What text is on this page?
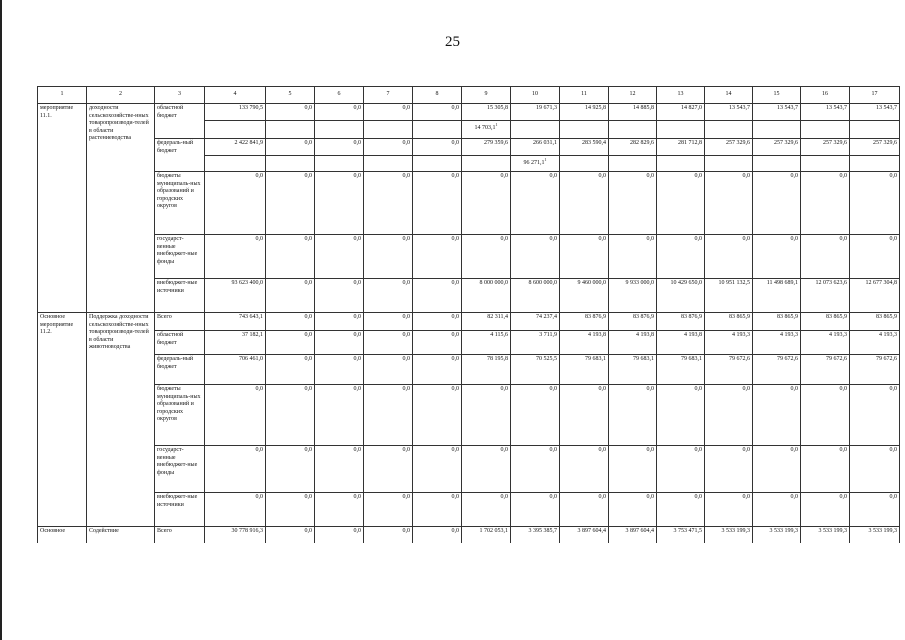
25
1	2	3	4	5	6	7	8	9	10	11	12	13	14	15	16	17
мероприятие 11.1.	доходности сельскохозяйстве-нных товаропроизводи-телей в области растениеводства	областной бюджет	133 790,5	0,0	0,0	0,0	0,0	15 305,8	19 671,3	14 925,8	14 885,8	14 827,0	13 543,7	13 543,7	13 543,7	13 543,7
								14 703,1$^1$								
		федераль-ный бюджет	2 422 841,9	0,0	0,0	0,0	0,0	279 359,6	266 031,1	283 590,4	282 829,6	281 712,8	257 329,6	257 329,6	257 329,6	257 329,6
									96 271,1$^1$							
		бюджеты муниципаль-ных образований и городских округов	0,0	0,0	0,0	0,0	0,0	0,0	0,0	0,0	0,0	0,0	0,0	0,0	0,0	0,0
		государст-венные внебюджет-ные фонды	0,0	0,0	0,0	0,0	0,0	0,0	0,0	0,0	0,0	0,0	0,0	0,0	0,0	0,0
		внебюджет-ные источники	93 623 400,0	0,0	0,0	0,0	0,0	8 000 000,0	8 600 000,0	9 460 000,0	9 933 000,0	10 429 650,0	10 951 132,5	11 498 689,1	12 073 623,6	12 677 304,8
Основное мероприятие 11.2.	Поддержка доходности сельскохозяйстве-нных товаропроизводи-телей в области животноводства	Всего	743 643,1	0,0	0,0	0,0	0,0	82 311,4	74 237,4	83 876,9	83 876,9	83 876,9	83 865,9	83 865,9	83 865,9	83 865,9
		областной бюджет	37 182,1	0,0	0,0	0,0	0,0	4 115,6	3 711,9	4 193,8	4 193,8	4 193,8	4 193,3	4 193,3	4 193,3	4 193,3
		федераль-ный бюджет	706 461,0	0,0	0,0	0,0	0,0	78 195,8	70 525,5	79 683,1	79 683,1	79 683,1	79 672,6	79 672,6	79 672,6	79 672,6
		бюджеты муниципаль-ных образований и городских округов	0,0	0,0	0,0	0,0	0,0	0,0	0,0	0,0	0,0	0,0	0,0	0,0	0,0	0,0
		государст-венные внебюджет-ные фонды	0,0	0,0	0,0	0,0	0,0	0,0	0,0	0,0	0,0	0,0	0,0	0,0	0,0	0,0
		внебюджет-ные источники	0,0	0,0	0,0	0,0	0,0	0,0	0,0	0,0	0,0	0,0	0,0	0,0	0,0	0,0
Основное	Содействие	Всего	30 778 916,3	0,0	0,0	0,0	0,0	1 702 053,1	3 395 385,7	3 897 604,4	3 897 604,4	3 753 471,5	3 533 199,3	3 533 199,3	3 533 199,3	3 533 199,3
